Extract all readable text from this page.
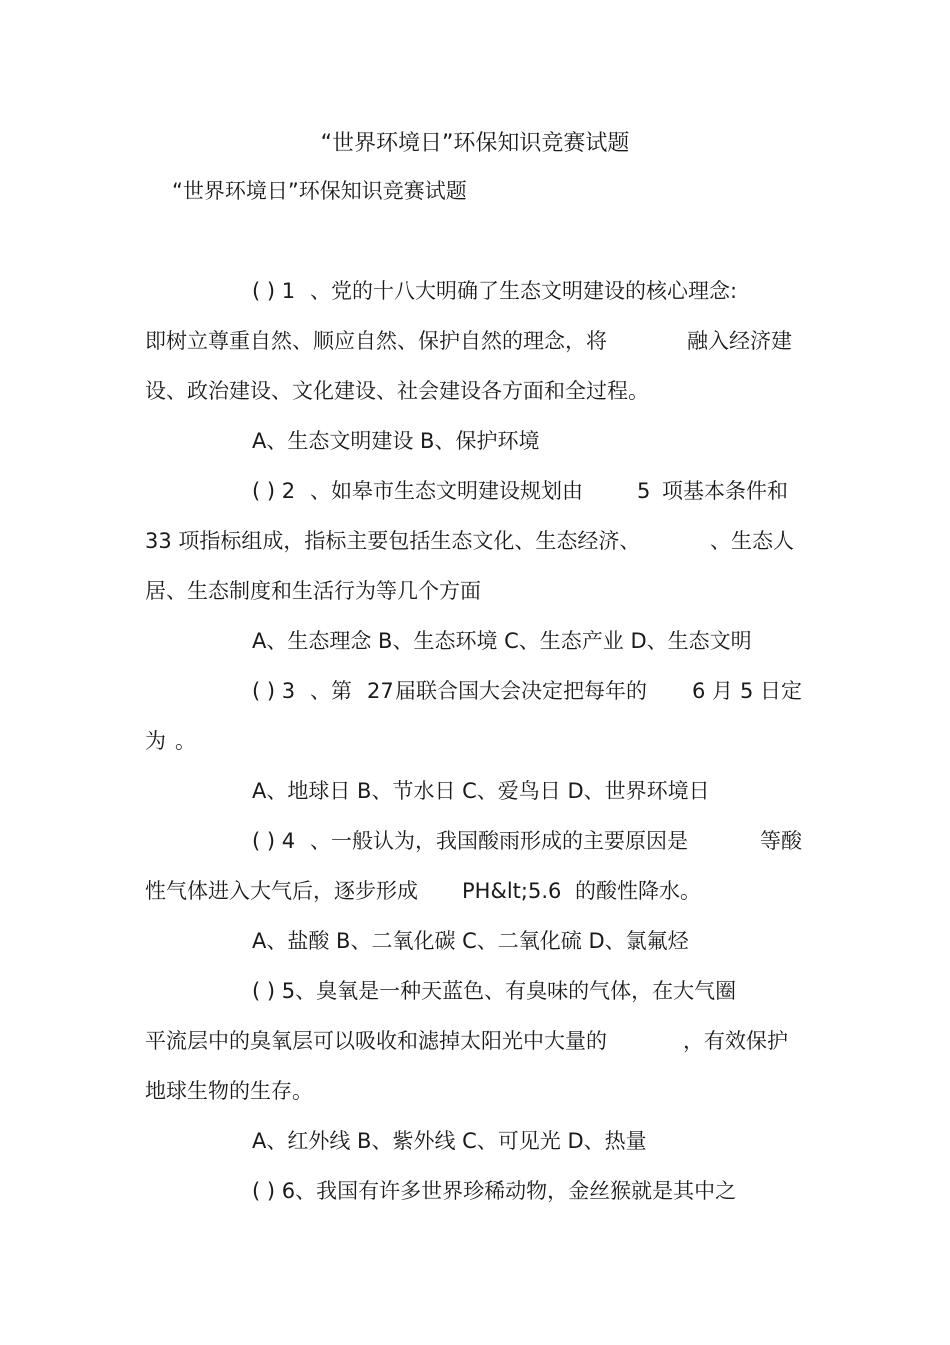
“世界环境日”环保知识竞赛试题
“世界环境日”环保知识竞赛试题
( ) 1 、党的十八大明确了生态文明建设的核心理念:
即树立尊重自然、顺应自然、保护自然的理念，将	融入经济建
设、政治建设、文化建设、社会建设各方面和全过程。
A、生态文明建设 B、保护环境
( ) 2 、如皋市生态文明建设规划由	5 项基本条件和
33 项指标组成，指标主要包括生态文化、生态经济、	、生态人
居、生态制度和生活行为等几个方面
A、生态理念 B、生态环境 C、生态产业 D、生态文明
( ) 3 、第 27 届联合国大会决定把每年的 6 月 5 日定
为 。
A、地球日 B、节水日 C、爱鸟日 D、世界环境日
( ) 4 、一般认为，我国酸雨形成的主要原因是	等酸
性气体进入大气后，逐步形成 PH&lt;5.6 的酸性降水。
A、盐酸 B、二氧化碳 C、二氧化硫 D、氯氟烃
( ) 5、臭氧是一种天蓝色、有臭味的气体，在大气圈
平流层中的臭氧层可以吸收和滤掉太阳光中大量的	，有效保护
地球生物的生存。
A、红外线 B、紫外线 C、可见光 D、热量
( ) 6、我国有许多世界珍稀动物，金丝猴就是其中之
